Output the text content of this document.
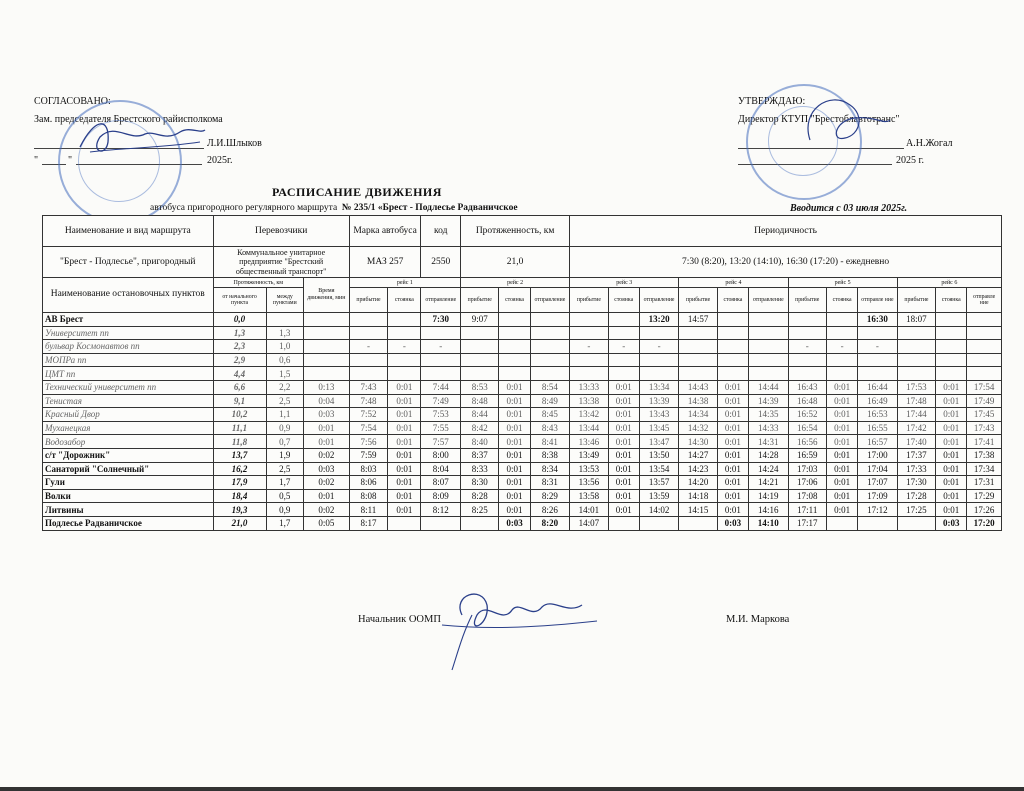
СОГЛАСОВАНО:
Зам. председателя Брестского райисполкома
Л.И.Шлыков
"	"	2025г.
УТВЕРЖДАЮ:
Директор КТУП "Брестоблавтотранс"
А.Н.Жогал
2025 г.
РАСПИСАНИЕ ДВИЖЕНИЯ
автобуса пригородного регулярного маршрута № 235/1 «Брест - Подлесье Радваничское	Вводится с 03 июля 2025г.
Наименование и вид маршрута	Перевозчики			Марка автобуса		код	Протяженность, км			Периодичность											
"Брест - Подлесье", пригородный	Коммунальное унитарное предприятие "Брестский общественный транспорт"			МАЗ 257		2550	21,0			7:30 (8:20), 13:20 (14:10), 16:30 (17:20) - ежедневно											
Наименование остановочных пунктов	Протяженность, км		Время движения, мин	рейс 1			рейс 2			рейс 3			рейс 4			рейс 5			рейс 6		
	от начального пункта	между пунктами		прибытие	стоянка	отправление	прибытие	стоянка	отправление	прибытие	стоянка	отправление	прибытие	стоянка	отправление	прибытие	стоянка	отправле ние	прибытие	стоянка	отправле ние
АВ Брест	0,0					7:30	9:07					13:20	14:57					16:30	18:07		
Университет пп	1,3	1,3																			
бульвар Космонавтов пп	2,3	1,0		-	-	-				-	-	-				-	-	-			
МОПРа пп	2,9	0,6																			
ЦМТ пп	4,4	1,5																			
Технический университет пп	6,6	2,2	0:13	7:43	0:01	7:44	8:53	0:01	8:54	13:33	0:01	13:34	14:43	0:01	14:44	16:43	0:01	16:44	17:53	0:01	17:54
Тенистая	9,1	2,5	0:04	7:48	0:01	7:49	8:48	0:01	8:49	13:38	0:01	13:39	14:38	0:01	14:39	16:48	0:01	16:49	17:48	0:01	17:49
Красный Двор	10,2	1,1	0:03	7:52	0:01	7:53	8:44	0:01	8:45	13:42	0:01	13:43	14:34	0:01	14:35	16:52	0:01	16:53	17:44	0:01	17:45
Муханецкая	11,1	0,9	0:01	7:54	0:01	7:55	8:42	0:01	8:43	13:44	0:01	13:45	14:32	0:01	14:33	16:54	0:01	16:55	17:42	0:01	17:43
Водозабор	11,8	0,7	0:01	7:56	0:01	7:57	8:40	0:01	8:41	13:46	0:01	13:47	14:30	0:01	14:31	16:56	0:01	16:57	17:40	0:01	17:41
с/т "Дорожник"	13,7	1,9	0:02	7:59	0:01	8:00	8:37	0:01	8:38	13:49	0:01	13:50	14:27	0:01	14:28	16:59	0:01	17:00	17:37	0:01	17:38
Санаторий "Солнечный"	16,2	2,5	0:03	8:03	0:01	8:04	8:33	0:01	8:34	13:53	0:01	13:54	14:23	0:01	14:24	17:03	0:01	17:04	17:33	0:01	17:34
Гули	17,9	1,7	0:02	8:06	0:01	8:07	8:30	0:01	8:31	13:56	0:01	13:57	14:20	0:01	14:21	17:06	0:01	17:07	17:30	0:01	17:31
Волки	18,4	0,5	0:01	8:08	0:01	8:09	8:28	0:01	8:29	13:58	0:01	13:59	14:18	0:01	14:19	17:08	0:01	17:09	17:28	0:01	17:29
Литвины	19,3	0,9	0:02	8:11	0:01	8:12	8:25	0:01	8:26	14:01	0:01	14:02	14:15	0:01	14:16	17:11	0:01	17:12	17:25	0:01	17:26
Подлесье Радваничское	21,0	1,7	0:05	8:17				0:03	8:20	14:07				0:03	14:10	17:17				0:03	17:20
Начальник ООМП	М.И. Маркова
